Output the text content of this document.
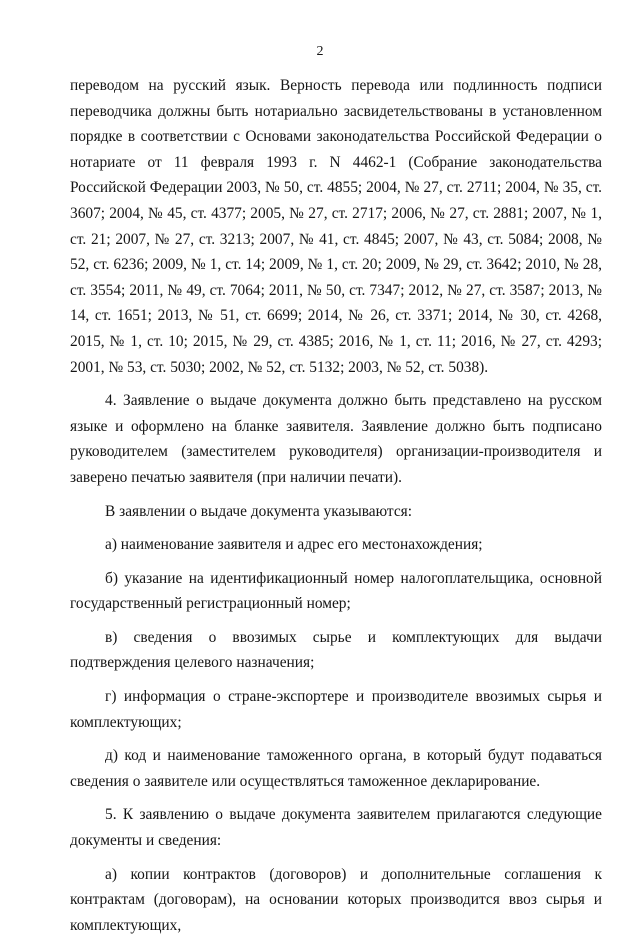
2

переводом на русский язык. Верность перевода или подлинность подписи переводчика должны быть нотариально засвидетельствованы в установленном порядке в соответствии с Основами законодательства Российской Федерации о нотариате от 11 февраля 1993 г. N 4462-1 (Собрание законодательства Российской Федерации 2003, № 50, ст. 4855; 2004, № 27, ст. 2711; 2004, № 35, ст. 3607; 2004, № 45, ст. 4377; 2005, № 27, ст. 2717; 2006, № 27, ст. 2881; 2007, № 1, ст. 21; 2007, № 27, ст. 3213; 2007, № 41, ст. 4845; 2007, № 43, ст. 5084; 2008, № 52, ст. 6236; 2009, № 1, ст. 14; 2009, № 1, ст. 20; 2009, № 29, ст. 3642; 2010, № 28, ст. 3554; 2011, № 49, ст. 7064; 2011, № 50, ст. 7347; 2012, № 27, ст. 3587; 2013, № 14, ст. 1651; 2013, № 51, ст. 6699; 2014, № 26, ст. 3371; 2014, № 30, ст. 4268, 2015, № 1, ст. 10; 2015, № 29, ст. 4385; 2016, № 1, ст. 11; 2016, № 27, ст. 4293; 2001, № 53, ст. 5030; 2002, № 52, ст. 5132; 2003, № 52, ст. 5038).

4. Заявление о выдаче документа должно быть представлено на русском языке и оформлено на бланке заявителя. Заявление должно быть подписано руководителем (заместителем руководителя) организации-производителя и заверено печатью заявителя (при наличии печати).

В заявлении о выдаче документа указываются:

а) наименование заявителя и адрес его местонахождения;

б) указание на идентификационный номер налогоплательщика, основной государственный регистрационный номер;

в) сведения о ввозимых сырье и комплектующих для выдачи подтверждения целевого назначения;

г) информация о стране-экспортере и производителе ввозимых сырья и комплектующих;

д) код и наименование таможенного органа, в который будут подаваться сведения о заявителе или осуществляться таможенное декларирование.

5. К заявлению о выдаче документа заявителем прилагаются следующие документы и сведения:

а) копии контрактов (договоров) и дополнительные соглашения к контрактам (договорам), на основании которых производится ввоз сырья и комплектующих,
